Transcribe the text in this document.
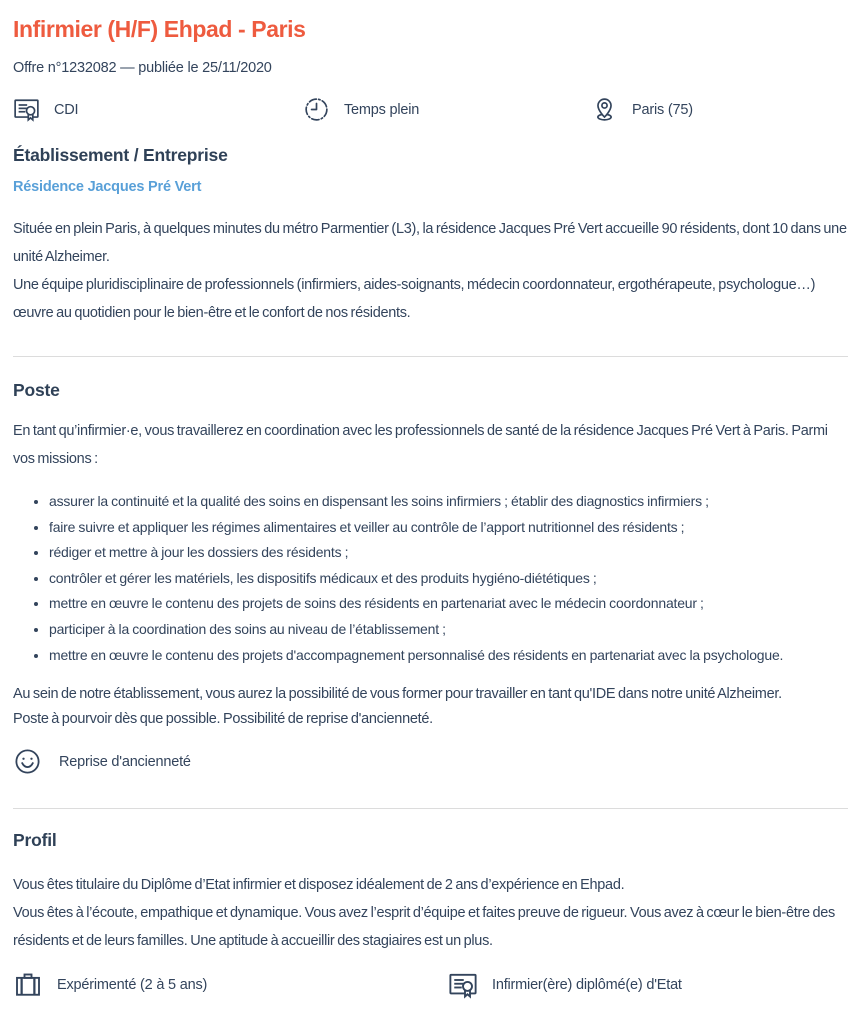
Infirmier (H/F) Ehpad - Paris

Offre n°1232082 — publiée le 25/11/2020

CDI	Temps plein	Paris (75)
Établissement / Entreprise
Résidence Jacques Pré Vert

Située en plein Paris, à quelques minutes du métro Parmentier (L3), la résidence Jacques Pré Vert accueille 90 résidents, dont 10 dans une unité Alzheimer.

Une équipe pluridisciplinaire de professionnels (infirmiers, aides-soignants, médecin coordonnateur, ergothérapeute, psychologue…) œuvre au quotidien pour le bien-être et le confort de nos résidents.

Poste

En tant qu’infirmier·e, vous travaillerez en coordination avec les professionnels de santé de la résidence Jacques Pré Vert à Paris. Parmi vos missions :

• assurer la continuité et la qualité des soins en dispensant les soins infirmiers ; établir des diagnostics infirmiers ;
• faire suivre et appliquer les régimes alimentaires et veiller au contrôle de l’apport nutritionnel des résidents ;
• rédiger et mettre à jour les dossiers des résidents ;
• contrôler et gérer les matériels, les dispositifs médicaux et des produits hygiéno-diététiques ;
• mettre en œuvre le contenu des projets de soins des résidents en partenariat avec le médecin coordonnateur ;
• participer à la coordination des soins au niveau de l’établissement ;
• mettre en œuvre le contenu des projets d'accompagnement personnalisé des résidents en partenariat avec la psychologue.

Au sein de notre établissement, vous aurez la possibilité de vous former pour travailler en tant qu'IDE dans notre unité Alzheimer.
Poste à pourvoir dès que possible. Possibilité de reprise d'ancienneté.

Reprise d'ancienneté
Profil

Vous êtes titulaire du Diplôme d’Etat infirmier et disposez idéalement de 2 ans d’expérience en Ehpad.

Vous êtes à l’écoute, empathique et dynamique. Vous avez l’esprit d’équipe et faites preuve de rigueur. Vous avez à cœur le bien-être des résidents et de leurs familles. Une aptitude à accueillir des stagiaires est un plus.

Expérimenté (2 à 5 ans)	Infirmier(ère) diplômé(e) d'Etat
